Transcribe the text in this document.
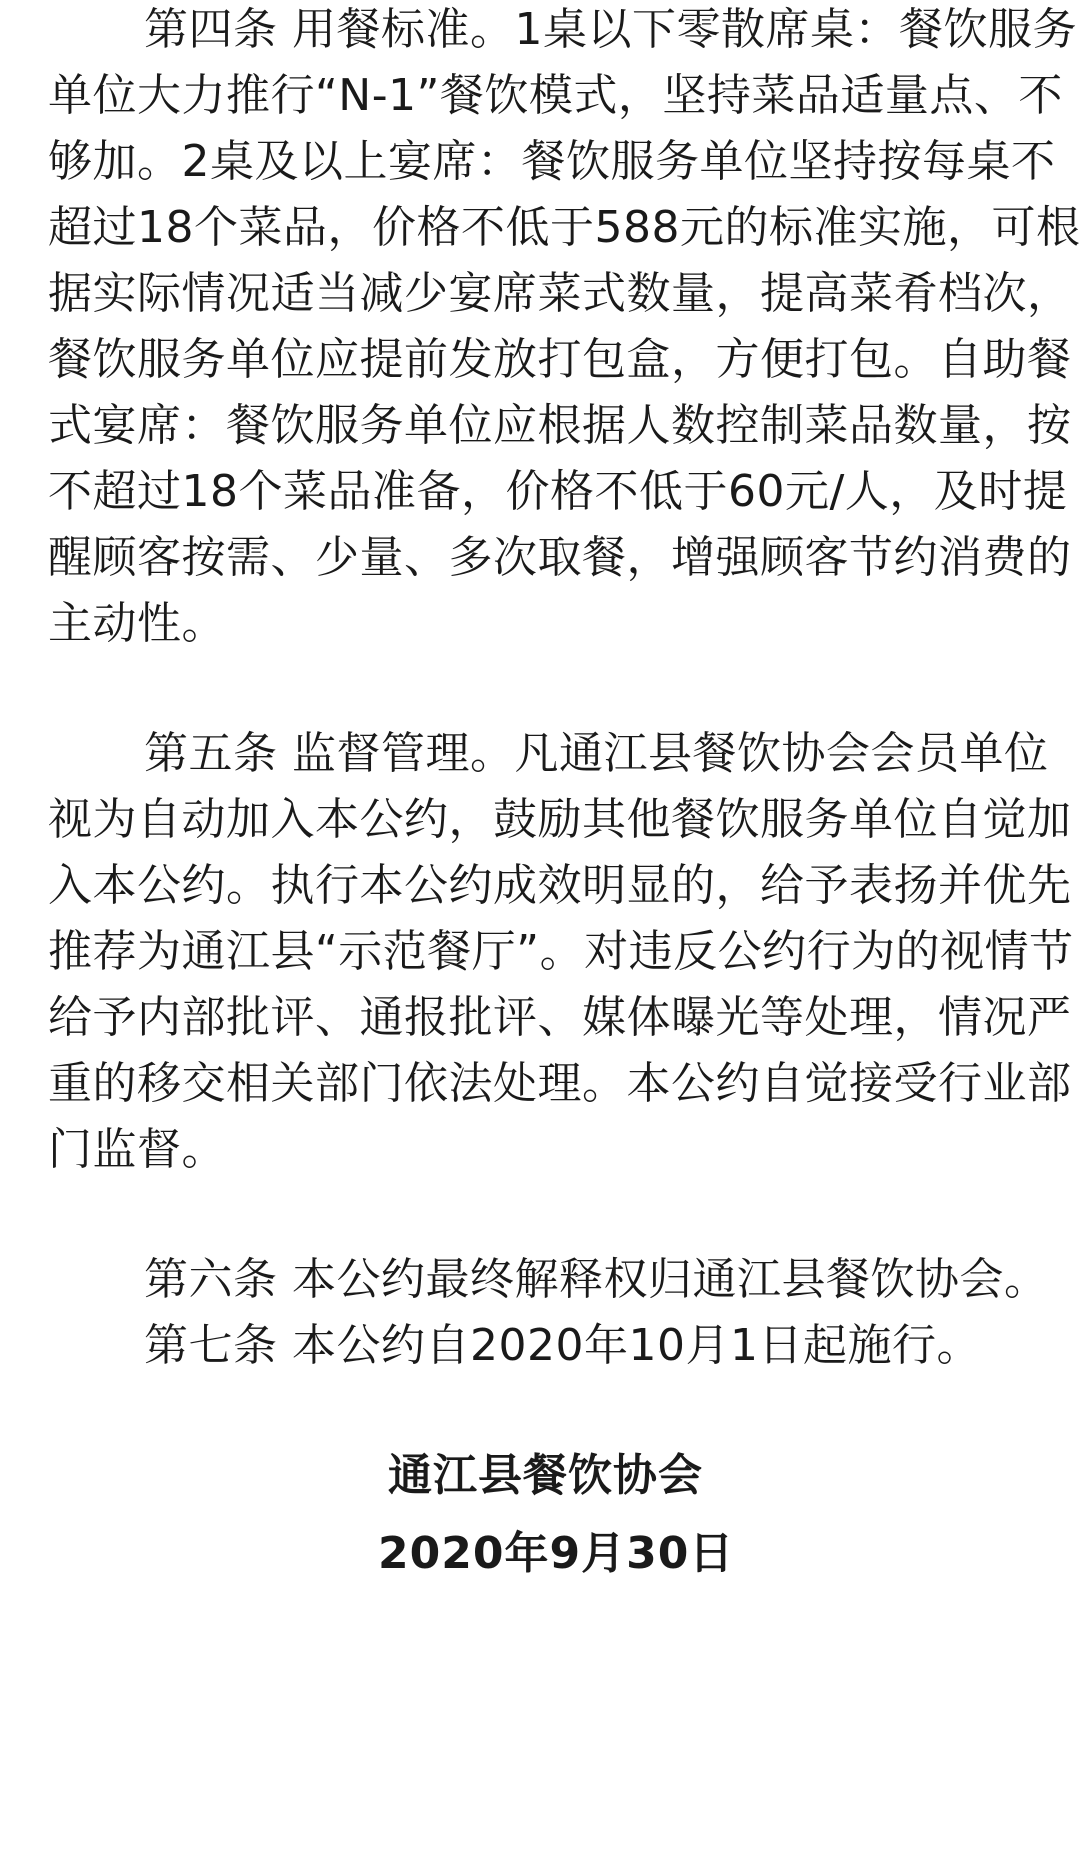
第四条 用餐标准。1桌以下零散席桌：餐饮服务
单位大力推行“N-1”餐饮模式，坚持菜品适量点、不
够加。2桌及以上宴席：餐饮服务单位坚持按每桌不
超过18个菜品，价格不低于588元的标准实施，可根
据实际情况适当减少宴席菜式数量，提高菜肴档次，
餐饮服务单位应提前发放打包盒，方便打包。自助餐
式宴席：餐饮服务单位应根据人数控制菜品数量，按
不超过18个菜品准备，价格不低于60元/人，及时提
醒顾客按需、少量、多次取餐，增强顾客节约消费的
主动性。
第五条 监督管理。凡通江县餐饮协会会员单位
视为自动加入本公约，鼓励其他餐饮服务单位自觉加
入本公约。执行本公约成效明显的，给予表扬并优先
推荐为通江县“示范餐厅”。对违反公约行为的视情节
给予内部批评、通报批评、媒体曝光等处理，情况严
重的移交相关部门依法处理。本公约自觉接受行业部
门监督。
第六条 本公约最终解释权归通江县餐饮协会。
第七条 本公约自2020年10月1日起施行。
通江县餐饮协会
2020年9月30日
